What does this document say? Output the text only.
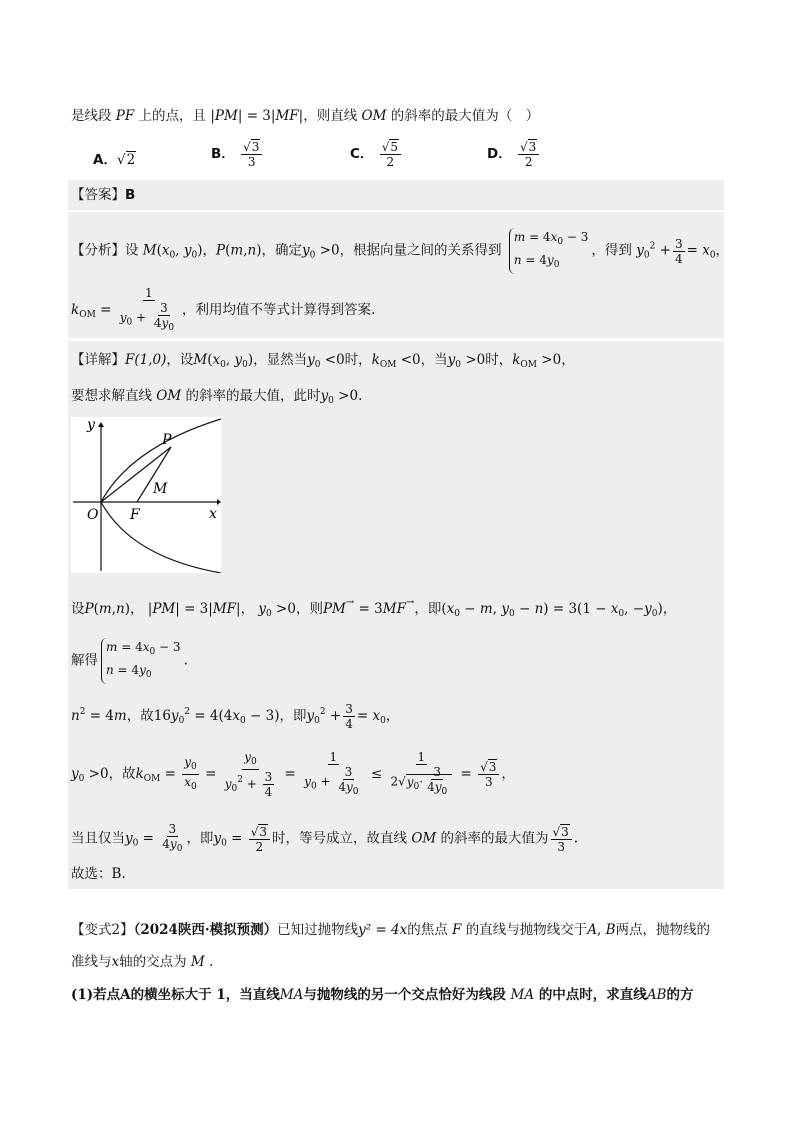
是线段 PF 上的点，且 |PM| = 3|MF|，则直线 OM 的斜率的最大值为（　）
A．√2	B． $\frac{√3}{3}$	C． $\frac{√5}{2}$	D． $\frac{√3}{2}$
【答案】B
【分析】设 $M(x_0$, $y_0$)，P(m,n)，确定$y_0 >0$，根据向量之间的关系得到 $m = 4x_0 - 3$
$n = 4y_0$，得到 $y_0^2 + \frac{3}{4} = x_0$，
$k_{OM} = \frac{1}{y_0 + \frac{3}{4y_0}}$ ，利用均值不等式计算得到答案.
【详解】F(1,0)，设$M(x_0$, $y_0$)，显然当$y_0 <0$时，$k_{OM} <0$，当$y_0 >0$时，$k_{OM} >0$，
要想求解直线 OM 的斜率的最大值，此时$y_0 >0$.
y
P
M
O F	x
设P(m,n)， |PM| = 3|MF|， $y_0 >0$，则PM→ = 3MF→，即($x_0 - m$, $y_0 - n) = 3(1 - x_0$, $-y_0$)，
解得$m = 4x_0 - 3$
$n = 4y_0$.
$n^2 = 4m$，故$16y_0^2 = 4(4x_0 - 3)$，即$y_0^2 + \frac{3}{4} = x_0$，
$y_0 >0$，故$k_{OM} = \frac{y_0}{x_0} = \frac{y_0}{y_0^2 + \frac{3}{4}} = \frac{1}{y_0 + \frac{3}{4y_0}} \le \frac{1}{2√y_0\cdot \frac{3}{4y_0}} = \frac{√3}{3}$ ，
当且仅当$y_0 = \frac{3}{4y_0}$ ，即$y_0 = \frac{√3}{2}$ 时，等号成立，故直线 OM 的斜率的最大值为 $\frac{√3}{3}$ .
故选：B.
【变式2】（2024陕西·模拟预测）已知过抛物线y² = 4x的焦点 F 的直线与抛物线交于A, B两点，抛物线的
准线与x轴的交点为 M .
(1)若点A的横坐标大于 1，当直线MA与抛物线的另一个交点恰好为线段 MA 的中点时，求直线AB的方
